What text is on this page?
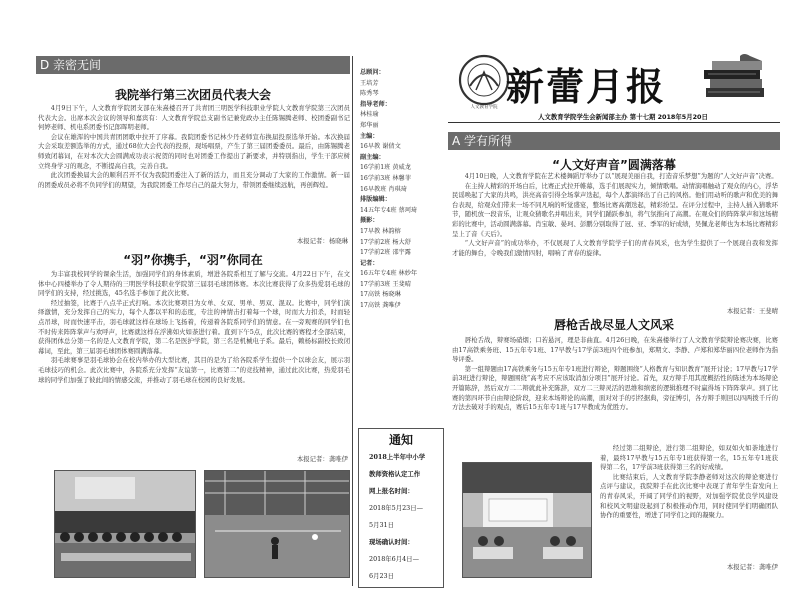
D 亲密无间
我院举行第三次团员代表大会

4月9日下午，人文教育学院团支部在朱熹楼召开了共青团三明医学科技职业学院人文教育学院第三次团员代表大会。出席本次会议的领导和嘉宾有：人文教育学院总支副书记兼党政办主任陈锡腾老师、校团委副书记何婷老师、机电系团委书记郎晖明老师。

会议在雄浑的中国共青团团歌中拉开了序幕。我院团委书记林少丹老师宣布换届投票选举开始。本次换届大会采取差额选举的方式，通过68位大会代表的投票，现场唱票，产生了第三届团委委员。最后，由陈锡腾老师致闭幕词，在对本次大会圆满成功表示祝贺的同时也对团委工作提出了新要求，并特别指出，学生干部应树立终身学习的观念，不断提高自我，完善自我。

此次团委换届大会的顺利召开不仅为我院团委注入了新的活力，而且充分调动了大家的工作激情。新一届的团委成员必将不负同学们的期望，为我院团委工作尽自己的最大努力，带领团委继续远航，再创辉煌。

本报记者：杨晓琳
“羽”你携手，“羽”你同在

为丰富我校同学的课余生活，加强同学们的身体素质，增进各院系相互了解与交流。4月22日下午，在文体中心四楼举办了令人期待的三明医学科技职业学院第三届羽毛球团体赛。本次比赛获得了众多热爱羽毛球的同学们的支持，经过挑选，45名选手参加了此次比赛。

经过抽签，比赛于八点半正式打响。本次比赛项目为女单、女双、男单、男双、混双。比赛中，同学们演绎激情，充分发挥自己的实力，每个人都以平和的态度，专注的神情击打着每一个球，时而大力扣杀，时而轻点吊球，时而快速平击，羽毛球就这样在球场上飞扬着，传递着各院系同学们的情意。在一旁观赛的同学们也不时传来阵阵掌声与欢呼声，比赛就这样在浮沸如火如荼进行着。直到下午5点，此次比赛的赛程才全部结束，获得团体总分第一名的是人文教育学院，第二名是医护学院，第三名是机械电子系。最后，赖杨标副校长致闭幕词，至此，第三届羽毛球团体赛圆满落幕。

羽毛球赛事是羽毛球协会在校内举办的大型比赛，其目的是为了给各院系学生提供一个以球会友，展示羽毛球技巧的机会。此次比赛中，各院系充分发挥“友谊第一，比赛第二”的竞技精神，通过此次比赛，热爱羽毛球的同学们加强了彼此间的情感交流，并推动了羽毛球在校园的良好发展。

本报记者：龚唯伊
总顾问：
王培芳
陈秀琴
指导老师：
林桂瑜
郑华丽
主编：
16早教 谢倩文
副主编：
16学前1班 黄威龙
16学前3班 林馨菲
16早教班 肖琪琦
排版编辑：
14五年专4班 蔡珂琦
摄影：
17早教 林韵榕
17学前2班 杨大舒
17学前2班 邵宇露
记者：
16五年专4班 林妙年
17学前3班 王斐晴
17高铁 杨晓琳
17高铁 龚唯伊
通知
2018上半年中小学
教师资格认定工作
网上报名时间：
2018年5月23日—
5月31日
现场确认时间：
2018年6月4日—
6月23日
人文教育学院 新蕾月报
人文教育学院学生会新闻部主办 第十七期 2018年5月20日
A 学有所得
“人文好声音”圆满落幕

4月10日晚，人文教育学院在艺术楼舞蹈厅举办了以“展现美丽自我，打造音乐梦想”为题的“人文好声音”决赛。

在主持人精彩的开场白后，比赛正式拉开帷幕，选手们展现实力，倾情歌唱。动情演唱触动了观众的内心，浮华民谣唤起了大家的共鸣，洪亮高音引得全场掌声迭起，每个人都演绎出了自己的风格。他们用动听的歌声和优美的舞台表现，给观众们带来一场不同凡响的听觉盛宴，整场比赛高潮迭起，精彩纷呈。在评分过程中，主持人插入猜歌环节，随机放一段音乐，让观众猜歌名并唱出来，同学们踊跃参加，将气氛推向了高潮。在观众们的阵阵掌声和这场精彩的比赛中，活动圆满落幕。肖宝敏、晏珂、彭鹏分别取得了冠、亚、季军的好成绩，吴佩龙老师也为本场比赛精彩呈上了音《天后》。

“人文好声音”的成功举办，不仅展现了人文教育学院学子们的青春风采，也为学生提供了一个展现自我和发挥才能的舞台，令晚我们激情四射，唱响了青春的旋律。

本报记者：王斐晴
唇枪舌战尽显人文风采

唇枪舌战，辩赛场硝烟；口若悬河，理是非曲直。4月26日晚，在朱熹楼举行了人文教育学院辩论赛决赛，比赛由17高铁乘务班、15五年专1班、17早教与17学前3班四个班参加，郑期文、李静、卢郑和郑华丽四位老师作为指导评委。

第一组辩题由17高铁乘务与15五年专1班进行辩论，辩题围绕“人格教育与知识教育”展开讨论；17早教与17学前3班进行辩论，辩题围绕“高考应不应该取消加分项目”展开讨论。首先，双方辩手用其度概括性的陈述为本场辩论开篇陈辞，然后双方二二辩就此补充陈辞，双方二三辩灵活的思维和缜密的逻辑推理不时赢得场下阵阵掌声。到了比赛的第四环节自由辩论阶段，迎来本场辩论的高潮，面对对手的引经据典，旁征博引，各方辩手则回以四两拨千斤的方法去破对手的观点，赛后15五年专1班与17早教成为优胜方。

经过第二组辩论，进行第二组辩论，如双如火如荼地进行着，最终17早教与15五年专1班获得第一名，15五年专1班获得第二名，17学前3班获得第三名的好成绩。

比赛结束后，人文教育学院李静老师对这次的辩论赛进行点评与建议，我院辩手在此次比赛中表现了青年学生奋发向上的青春风采，开阔了同学们的视野，对加强学院优良学风建设和校风文明建设起到了积极推动作用，同时使同学们明确团队协作的重要性，增进了同学们之间的凝聚力。

本报记者：龚唯伊
